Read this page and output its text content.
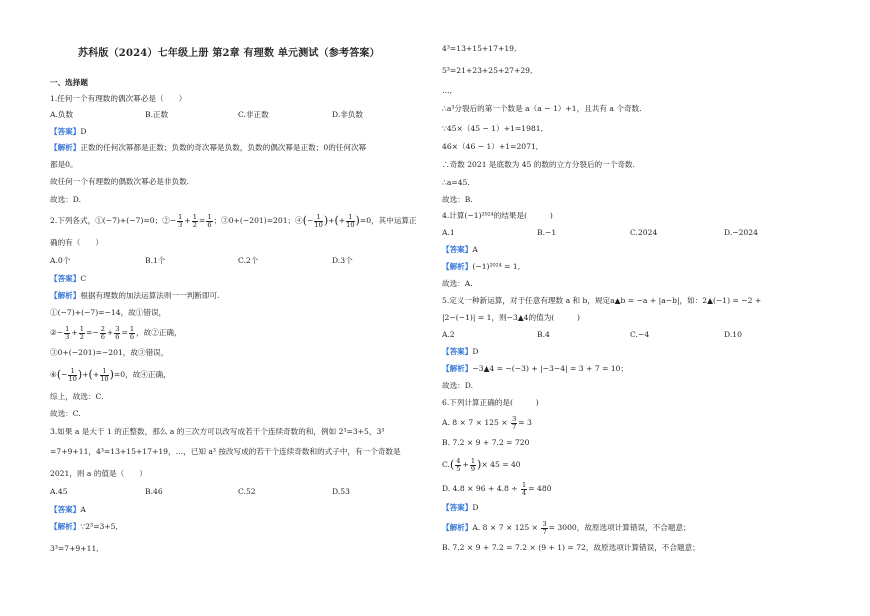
苏科版（2024）七年级上册 第2章 有理数 单元测试（参考答案）
一、选择题
1.任何一个有理数的偶次幂必是（　　）
A.负数	B.正数	C.非正数	D.非负数
【答案】D
【解析】正数的任何次幂都是正数；负数的奇次幂是负数，负数的偶次幂是正数；0的任何次幂
都是0。
故任何一个有理数的偶数次幂必是非负数.
故选：D.
2.下列各式，①(−7)+(−7)=0；②− $\frac{1}{3} + \frac{1}{2} = \frac{1}{6}$ ；③0+(−201)=201；④(− $\frac{1}{10}$ )+(+ $\frac{1}{10} )=0$，其中运算正
确的有（　　）
A.0个	B.1个	C.2个	D.3个
【答案】C
【解析】根据有理数的加法运算法则一一判断即可.
①(−7)+(−7)=−14，故①错误，
②− $\frac{1}{3} + \frac{1}{2} =- \frac{2}{6} + \frac{3}{6} = \frac{1}{6}$ ，故②正确，
③0+(−201)=−201，故③错误，
④(− $\frac{1}{10}$ )+(+ $\frac{1}{10} )=0$，故④正确，
综上，故选：C.
故选：C.
3.如果 a 是大于 1 的正整数，那么 a 的三次方可以改写成若干个连续奇数的和，例如 2³=3+5，3³
=7+9+11，4³=13+15+17+19，…，已知 a³ 按改写成的若干个连续奇数和的式子中，有一个奇数是
2021，则 a 的值是（　　）
A.45	B.46	C.52	D.53
【答案】A
【解析】∵2³=3+5,
3³=7+9+11,
4³=13+15+17+19,
5³=21+23+25+27+29,
…,
∴a³分裂后的第一个数是 a（a − 1）+1，且共有 a 个奇数.
∵45×（45 − 1）+1=1981,
46×（46 − 1）+1=2071,
∴奇数 2021 是底数为 45 的数的立方分裂后的一个奇数.
∴a=45.
故选：B.
4.计算(−1)²⁰²⁴的结果是(　　　)
A.1	B.−1	C.2024	D.−2024
【答案】A
【解析】(−1)²⁰²⁴ = 1,
故选：A.
5.定义一种新运算，对于任意有理数 a 和 b，规定a▲b = −a + |a−b|，如：2▲(−1) = −2 +
|2−(−1)| = 1，则−3▲4的值为(　　　)
A.2	B.4	C.−4	D.10
【答案】D
【解析】−3▲4 = −(−3) + |−3−4| = 3 + 7 = 10；
故选：D.
6.下列计算正确的是(　　　)
A. $8 \times 7 \times 125 \times \frac{3}{7} = 3$
B. 7.2 × 9 + 7.2 = 720
$C.( \frac{4}{5} + \frac{1}{9}$ )× 45 = 40
D. $4.8 \times 96 + 4.8 \div \frac{1}{4} = 480$
【答案】D
【解析】A. $8 \times 7 \times 125 \times \frac{3}{7} = 3000$，故原选项计算错误，不合题意；
B. 7.2 × 9 + 7.2 = 7.2 × (9 + 1) = 72，故原选项计算错误，不合题意；
